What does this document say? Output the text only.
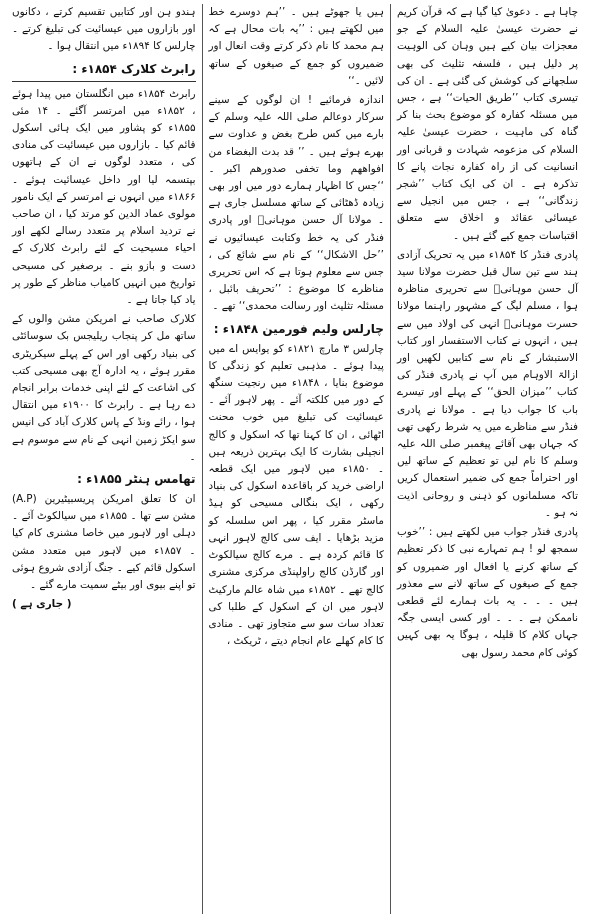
چاہا ہے ۔ دعویٰ کیا گیا ہے کہ قرآن کریم نے حضرت عیسیٰ علیہ السلام کے جو معجزات بیان کیے ہیں وہان کی الوہیت پر دلیل ہیں ، فلسفہ تثلیث کی بھی سلجھانے کی کوشش کی گئی ہے ۔ ان کی تیسری کتاب ’’طریق الحیات‘‘ ہے ، جس میں مسئلہ کفارہ کو موضوع بحث بنا کر گناہ کی ماہیت ، حضرت عیسیٰ علیہ السلام کی مزعومہ شہادت و قربانی اور انسانیت کی از راہ کفارہ نجات پانے کا تذکرہ ہے ۔ ان کی ایک کتاب ’’شجر زندگانی‘‘ ہے ، جس میں انجیل سے عیسائی عقائد و اخلاق سے متعلق اقتباسات جمع کیے گئے ہیں ۔

پادری فنڈر کا ۱۸۵۴ء میں یہ تحریک آزادی ہند سے تین سال قبل حضرت مولانا سید آل حسن موہانیؒ سے تحریری مناظرہ ہوا ، مسلم لیگ کے مشہور راہنما مولانا حسرت موہانیؒ انہی کی اولاد میں سے ہیں ، انہوں نے کتاب الاستفسار اور کتاب الاستبشار کے نام سے کتابیں لکھیں اور ازالۃ الاوہام میں آپ نے پادری فنڈر کی کتاب ’’میزان الحق‘‘ کے پہلے اور تیسرے باب کا جواب دیا ہے ۔ مولانا نے پادری فنڈر سے مناظرے میں یہ شرط رکھی تھی کہ جہاں بھی آقائے پیغمبر صلی اللہ علیہ وسلم کا نام لیں تو تعظیم کے ساتھ لیں اور احتراماً جمع کی ضمیر استعمال کریں تاکہ مسلمانوں کو ذہنی و روحانی اذیت نہ ہو ۔

پادری فنڈر جواب میں لکھتے ہیں : ’’خوب سمجھ لو ! ہم تمہارے نبی کا ذکر تعظیم کے ساتھ کرنے یا افعال اور ضمیروں کو جمع کے صیغوں کے ساتھ لانے سے معذور ہیں ۔ ۔ ۔ یہ بات ہمارے لئے قطعی ناممکن ہے ۔ ۔ ۔ اور کسی ایسی جگہ جہاں کلام کا قلیلہ ، ہوگا یہ بھی کہیں کوئی کام محمد رسول بھی

ہیں یا جھوٹے ہیں ۔ ’’ہم دوسرے خط میں لکھتے ہیں : ’’یہ بات محال ہے کہ ہم محمد کا نام ذکر کرتے وقت انعال اور ضمیروں کو جمع کے صیغوں کے ساتھ لائیں ۔‘‘

اندازہ فرمائیے ! ان لوگوں کے سینے سرکار دوعالم صلی اللہ علیہ وسلم کے بارے میں کس طرح بغض و عداوت سے بھرے ہوئے ہیں ۔ ’’ قد بدت البغضاء من افواھھم وما تخفی صدورھم اکبر ۔ ‘‘جس کا اظہار ہمارے دور میں اور بھی زیادہ ڈھٹائی کے ساتھ مسلسل جاری ہے ۔ مولانا آل حسن موہانیؒ اور پادری فنڈر کی یہ خط وکتابت عیسائیوں نے ’’حل الاشکال‘‘ کے نام سے شائع کی ، جس سے معلوم ہوتا ہے کہ اس تحریری مناظرے کا موضوع : ’’تحریف بائبل ، مسئلہ تثلیث اور رسالت محمدی‘‘ تھے ۔

چارلس ولیم فورمین ۱۸۴۸ء :

چارلس ۳ مارچ ۱۸۲۱ء کو یوایس اے میں پیدا ہوئے ۔ مذہبی تعلیم کو زندگی کا موضوع بنایا ، ۱۸۴۸ء میں رنجیت سنگھ کے دور میں کلکتہ آئے ۔ پھر لاہور آئے ۔ عیسائیت کی تبلیغ میں خوب محنت اٹھائی ، ان کا کہنا تھا کہ اسکول و کالج انجیلی بشارت کا ایک بہترین ذریعہ ہیں ۔ ۱۸۵۰ء میں لاہور میں ایک قطعہ اراضی خرید کر باقاعدہ اسکول کی بنیاد رکھی ، ایک بنگالی مسیحی کو ہیڈ ماسٹر مقرر کیا ، پھر اس سلسلہ کو مزید بڑھایا ۔ ایف سی کالج لاہور انہی کا قائم کردہ ہے ۔ مرے کالج سیالکوٹ اور گارڈن کالج راولپنڈی مرکزی مشنری کالج تھے ۔ ۱۸۵۲ء میں شاہ عالم مارکیٹ لاہور میں ان کے اسکول کے طلبا کی تعداد سات سو سے متجاوز تھی ۔ منادی کا کام کھلے عام انجام دیتے ، ٹریکٹ ،

ہندو ہن اور کتابیں تقسیم کرتے ، دکانوں اور بازاروں میں عیسائیت کی تبلیغ کرتے ۔ چارلس کا ۱۸۹۴ء میں انتقال ہوا ۔

رابرٹ کلارک ۱۸۵۴ء :

رابرٹ ۱۸۵۴ء میں انگلستان میں پیدا ہوئے ، ۱۸۵۲ء میں امرتسر آگئے ۔ ۱۴ مئی ۱۸۵۵ء کو پشاور میں ایک ہائی اسکول قائم کیا ۔ بازاروں میں عیسائیت کی منادی کی ، متعدد لوگوں نے ان کے ہاتھوں بپتسمہ لیا اور داخل عیسائیت ہوئے ۔ ۱۸۶۶ء میں انہوں نے امرتسر کے ایک نامور مولوی عماد الدین کو مرتد کیا ، ان صاحب نے تردید اسلام پر متعدد رسالے لکھے اور احیاء مسیحیت کے لئے رابرٹ کلارک کے دست و بازو بنے ۔ برصغیر کی مسیحی تواریخ میں انہیں کامیاب مناظر کے طور پر یاد کیا جاتا ہے ۔

کلارک صاحب نے امریکن مشن والوں کے ساتھ مل کر پنجاب ریلیجس بک سوسائٹی کی بنیاد رکھی اور اس کے پہلے سیکریٹری مقرر ہوئے ، یہ ادارہ آج بھی مسیحی کتب کی اشاعت کے لئے اپنی خدمات برابر انجام دے رہا ہے ۔ رابرٹ کا ۱۹۰۰ء میں انتقال ہوا ، رائے ونڈ کے پاس کلارک آباد کی انیس سو ایکڑ زمین انہی کے نام سے موسوم ہے ۔

تھامس ہنٹر ۱۸۵۵ء :

ان کا تعلق امریکن پریسبیٹیرین (A.P) مشن سے تھا ۔ ۱۸۵۵ء میں سیالکوٹ آئے ۔ دہلی اور لاہور میں خاصا مشنری کام کیا ۔ ۱۸۵۷ء میں لاہور میں متعدد مشن اسکول قائم کیے ۔ جنگ آزادی شروع ہوئی تو اپنے بیوی اور بیٹے سمیت مارے گئے ۔

( جاری ہے )
